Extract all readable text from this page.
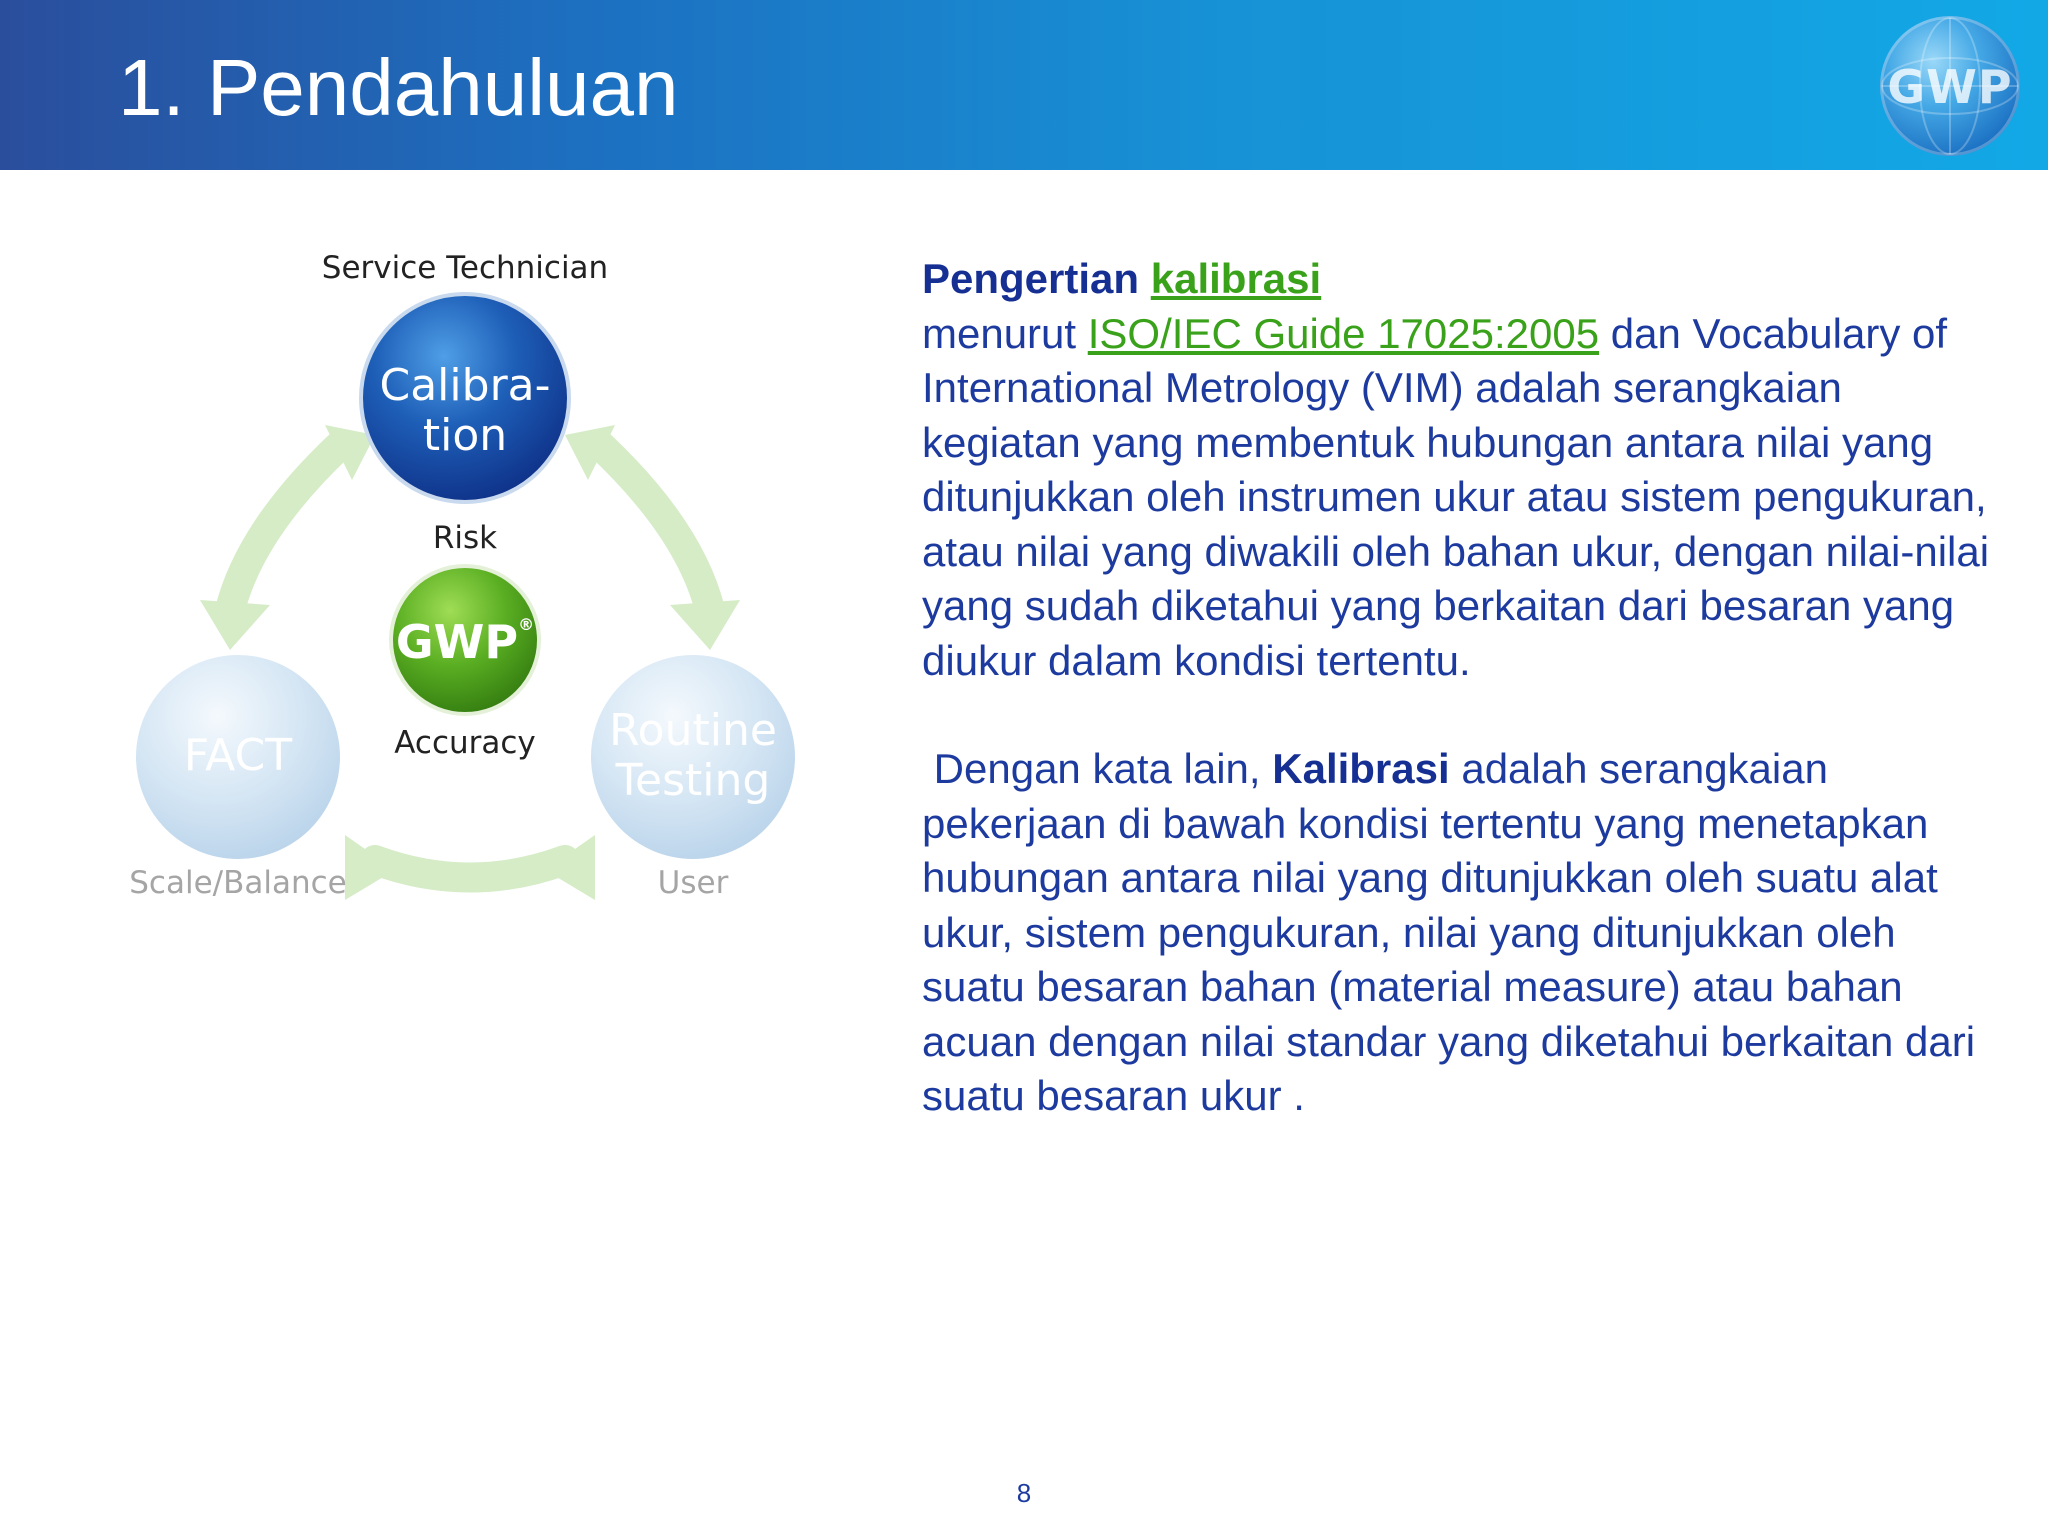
1. Pendahuluan	GWP
Service Technician
Calibra-
tion
Risk
GWP®
Accuracy
FACT	Routine
Testing
Scale/Balance	User

Pengertian kalibrasi

menurut ISO/IEC Guide 17025:2005 dan Vocabulary of International Metrology (VIM) adalah serangkaian kegiatan yang membentuk hubungan antara nilai yang ditunjukkan oleh instrumen ukur atau sistem pengukuran, atau nilai yang diwakili oleh bahan ukur, dengan nilai-nilai yang sudah diketahui yang berkaitan dari besaran yang diukur dalam kondisi tertentu.

Dengan kata lain, Kalibrasi adalah serangkaian pekerjaan di bawah kondisi tertentu yang menetapkan hubungan antara nilai yang ditunjukkan oleh suatu alat ukur, sistem pengukuran, nilai yang ditunjukkan oleh suatu besaran bahan (material measure) atau bahan acuan dengan nilai standar yang diketahui berkaitan dari suatu besaran ukur .

8
